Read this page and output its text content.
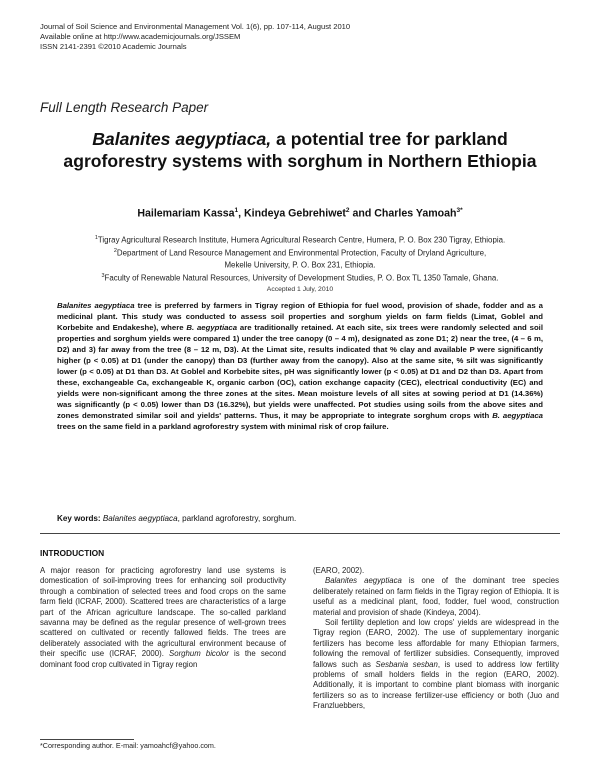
Journal of Soil Science and Environmental Management Vol. 1(6), pp. 107-114, August 2010
Available online at http://www.academicjournals.org/JSSEM
ISSN 2141-2391 ©2010 Academic Journals
Full Length Research Paper
Balanites aegyptiaca, a potential tree for parkland agroforestry systems with sorghum in Northern Ethiopia
Hailemariam Kassa$^1$, Kindeya Gebrehiwet$^2$ and Charles Yamoah$^{3*}$
$^1$Tigray Agricultural Research Institute, Humera Agricultural Research Centre, Humera, P. O. Box 230 Tigray, Ethiopia.
$^2$Department of Land Resource Management and Environmental Protection, Faculty of Dryland Agriculture,
Mekelle University, P. O. Box 231, Ethiopia.
$^3$Faculty of Renewable Natural Resources, University of Development Studies, P. O. Box TL 1350 Tamale, Ghana.
Accepted 1 July, 2010
Balanites aegyptiaca tree is preferred by farmers in Tigray region of Ethiopia for fuel wood, provision of shade, fodder and as a medicinal plant. This study was conducted to assess soil properties and sorghum yields on farm fields (Limat, Goblel and Korbebite and Endakeshe), where B. aegyptiaca are traditionally retained. At each site, six trees were randomly selected and soil properties and sorghum yields were compared 1) under the tree canopy (0 – 4 m), designated as zone D1; 2) near the tree, (4 – 6 m, D2) and 3) far away from the tree (8 – 12 m, D3). At the Limat site, results indicated that % clay and available P were significantly higher (p < 0.05) at D1 (under the canopy) than D3 (further away from the canopy). Also at the same site, % silt was significantly lower (p < 0.05) at D1 than D3. At Goblel and Korbebite sites, pH was significantly lower (p < 0.05) at D1 and D2 than D3. Apart from these, exchangeable Ca, exchangeable K, organic carbon (OC), cation exchange capacity (CEC), electrical conductivity (EC) and yields were non-significant among the three zones at the sites. Mean moisture levels of all sites at sowing period at D1 (14.36%) was significantly (p < 0.05) lower than D3 (16.32%), but yields were unaffected. Pot studies using soils from the above sites and zones demonstrated similar soil and yields' patterns. Thus, it may be appropriate to integrate sorghum crops with B. aegyptiaca trees on the same field in a parkland agroforestry system with minimal risk of crop failure.
Key words: Balanites aegyptiaca, parkland agroforestry, sorghum.
INTRODUCTION

A major reason for practicing agroforestry land use systems is domestication of soil-improving trees for enhancing soil productivity through a combination of selected trees and food crops on the same farm field (ICRAF, 2000). Scattered trees are characteristics of a large part of the African agriculture landscape. The so-called parkland savanna may be defined as the regular presence of well-grown trees scattered on cultivated or recently fallowed fields. The trees are deliberately associated with the agricultural environment because of their specific use (ICRAF, 2000). Sorghum bicolor is the second dominant food crop cultivated in Tigray region

(EARO, 2002).

Balanites aegyptiaca is one of the dominant tree species deliberately retained on farm fields in the Tigray region of Ethiopia. It is useful as a medicinal plant, food, fodder, fuel wood, construction material and provision of shade (Kindeya, 2004).

Soil fertility depletion and low crops' yields are widespread in the Tigray region (EARO, 2002). The use of supplementary inorganic fertilizers has become less affordable for many Ethiopian farmers, following the removal of fertilizer subsidies. Consequently, improved fallows such as Sesbania sesban, is used to address low fertility problems of small holders fields in the region (EARO, 2002). Additionally, it is important to combine plant biomass with inorganic fertilizers so as to increase fertilizer-use efficiency or both (Juo and Franzluebbers,

*Corresponding author. E-mail: yamoahcf@yahoo.com.
